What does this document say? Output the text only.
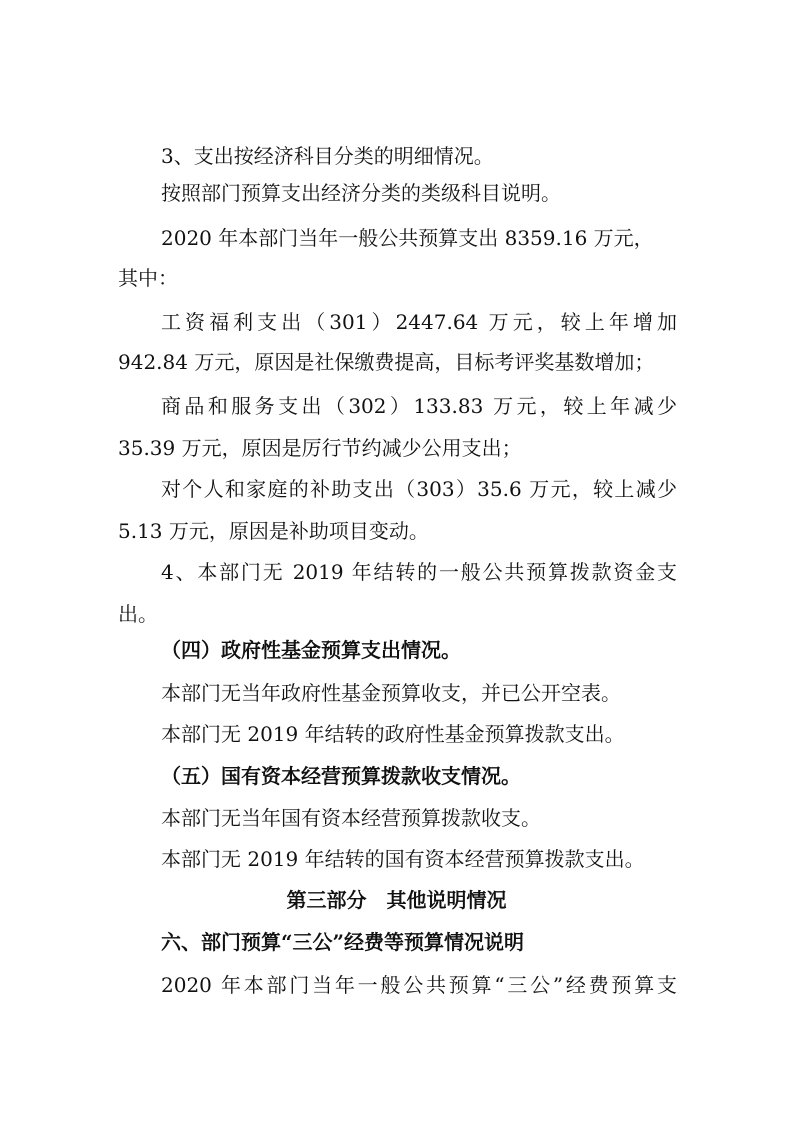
3、支出按经济科目分类的明细情况。

按照部门预算支出经济分类的类级科目说明。

2020 年本部门当年一般公共预算支出 8359.16 万元，

其中：

工资福利支出（301）2447.64 万元，较上年增加

942.84 万元，原因是社保缴费提高，目标考评奖基数增加；

商品和服务支出（302）133.83 万元，较上年减少

35.39 万元，原因是厉行节约减少公用支出；

对个人和家庭的补助支出（303）35.6 万元，较上减少

5.13 万元，原因是补助项目变动。

4、本部门无 2019 年结转的一般公共预算拨款资金支

出。

（四）政府性基金预算支出情况。

本部门无当年政府性基金预算收支，并已公开空表。

本部门无 2019 年结转的政府性基金预算拨款支出。

（五）国有资本经营预算拨款收支情况。

本部门无当年国有资本经营预算拨款收支。

本部门无 2019 年结转的国有资本经营预算拨款支出。

第三部分　其他说明情况

六、部门预算“三公”经费等预算情况说明

2020 年本部门当年一般公共预算“三公”经费预算支
